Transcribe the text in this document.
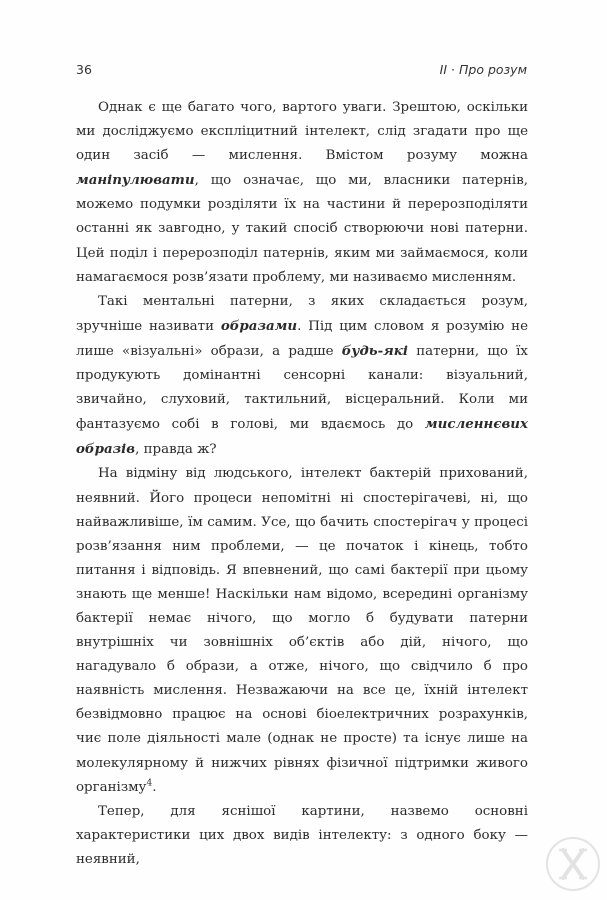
36	II · Про розум

Однак є ще багато чого, вартого уваги. Зрештою, оскільки ми досліджуємо експліцитний інтелект, слід згадати про ще один засіб — мислення. Вмістом розуму можна маніпулювати, що означає, що ми, власники патернів, можемо подумки розділяти їх на частини й перерозподіляти останні як завгодно, у такий спосіб створюючи нові патерни. Цей поділ і перерозподіл патернів, яким ми займаємося, коли намагаємося розв’язати проблему, ми називаємо мисленням.

Такі ментальні патерни, з яких складається розум, зручніше називати образами. Під цим словом я розумію не лише «візуальні» образи, а радше будь-які патерни, що їх продукують домінантні сенсорні канали: візуальний, звичайно, слуховий, тактильний, вісцеральний. Коли ми фантазуємо собі в голові, ми вдаємось до мисленнєвих образів, правда ж?

На відміну від людського, інтелект бактерій прихований, неявний. Його процеси непомітні ні спостерігачеві, ні, що найважливіше, їм самим. Усе, що бачить спостерігач у процесі розв’язання ним проблеми, — це початок і кінець, тобто питання і відповідь. Я впевнений, що самі бактерії при цьому знають ще менше! Наскільки нам відомо, всередині організму бактерії немає нічого, що могло б будувати патерни внутрішніх чи зовнішніх об’єктів або дій, нічого, що нагадувало б образи, а отже, нічого, що свідчило б про наявність мислення. Незважаючи на все це, їхній інтелект безвідмовно працює на основі біоелектричних розрахунків, чиє поле діяльності мале (однак не просте) та існує лише на молекулярному й нижчих рівнях фізичної підтримки живого організму$^4$.

Тепер, для яснішої картини, назвемо основні характеристики цих двох видів інтелекту: з одного боку — неявний,
